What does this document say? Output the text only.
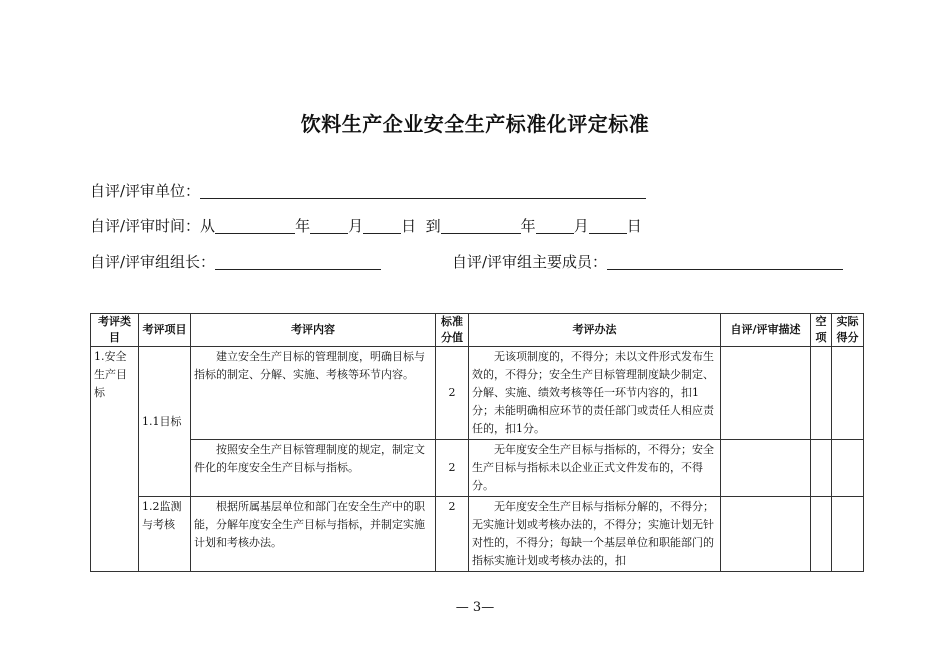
饮料生产企业安全生产标准化评定标准
自评/评审单位：
自评/评审时间：从	年	月	日 到	年	月	日
自评/评审组组长：	自评/评审组主要成员：
考评类目	考评项目	考评内容	标准分值	考评办法	自评/评审描述	空项	实际得分
1.安全生产目标	1.1目标	建立安全生产目标的管理制度，明确目标与指标的制定、分解、实施、考核等环节内容。	2	无该项制度的，不得分；未以文件形式发布生效的，不得分；安全生产目标管理制度缺少制定、分解、实施、绩效考核等任一环节内容的，扣1分；未能明确相应环节的责任部门或责任人相应责任的，扣1分。			
		按照安全生产目标管理制度的规定，制定文件化的年度安全生产目标与指标。	2	无年度安全生产目标与指标的，不得分；安全生产目标与指标未以企业正式文件发布的，不得分。			
	1.2监测与考核	根据所属基层单位和部门在安全生产中的职能，分解年度安全生产目标与指标，并制定实施计划和考核办法。	2	无年度安全生产目标与指标分解的，不得分；无实施计划或考核办法的，不得分；实施计划无针对性的，不得分；每缺一个基层单位和职能部门的指标实施计划或考核办法的，扣			
— 3—
